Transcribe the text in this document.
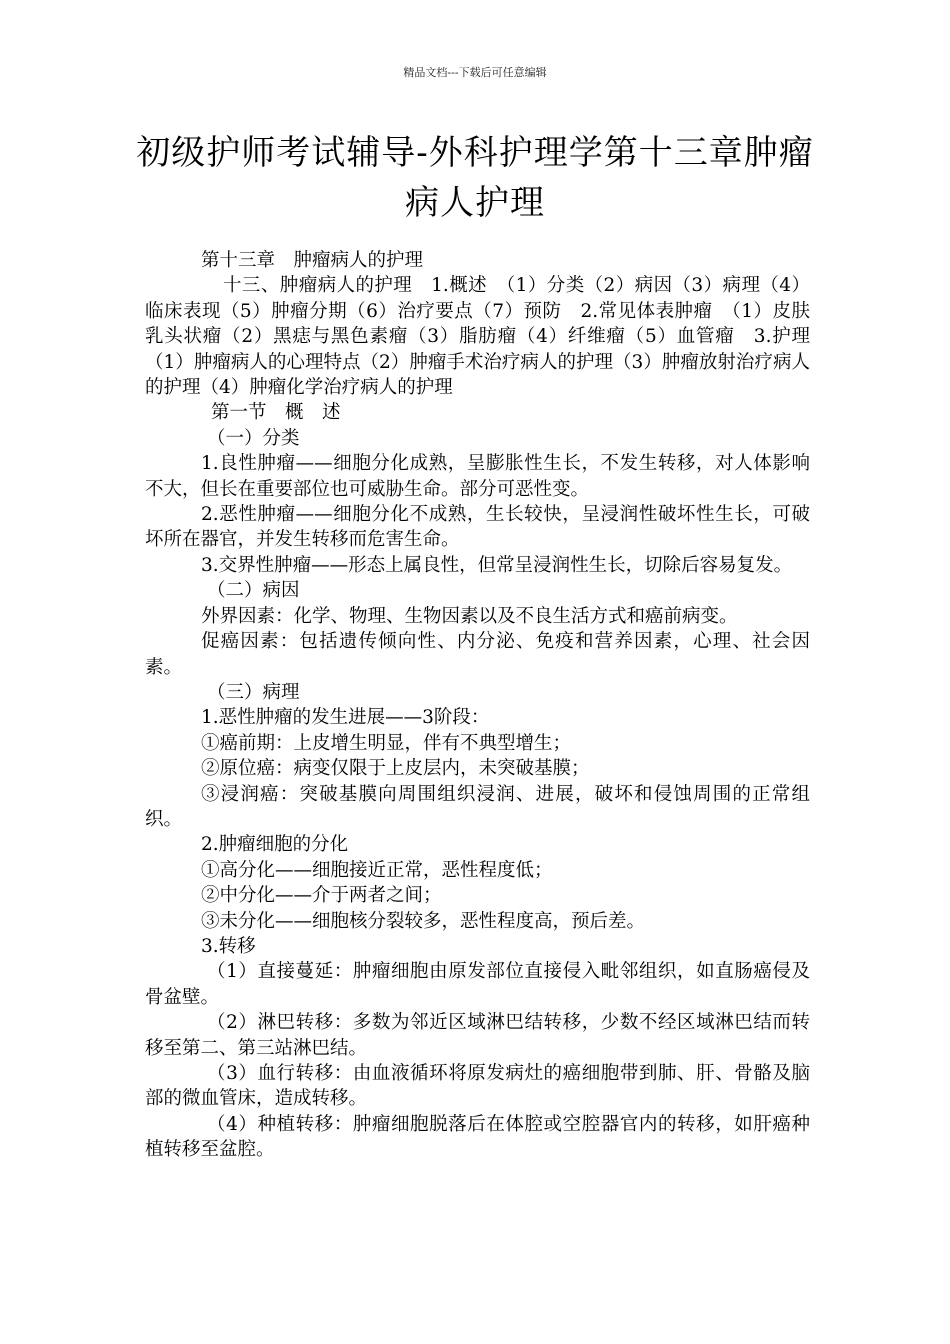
精品文档---下载后可任意编辑
初级护师考试辅导-外科护理学第十三章肿瘤病人护理

第十三章　肿瘤病人的护理

十三、肿瘤病人的护理　1.概述　（1）分类（2）病因（3）病理（4）临床表现（5）肿瘤分期（6）治疗要点（7）预防　2.常见体表肿瘤　（1）皮肤乳头状瘤（2）黑痣与黑色素瘤（3）脂肪瘤（4）纤维瘤（5）血管瘤　3.护理　（1）肿瘤病人的心理特点（2）肿瘤手术治疗病人的护理（3）肿瘤放射治疗病人的护理（4）肿瘤化学治疗病人的护理

第一节　概　述

（一）分类

1.良性肿瘤——细胞分化成熟，呈膨胀性生长，不发生转移，对人体影响不大，但长在重要部位也可威胁生命。部分可恶性变。

2.恶性肿瘤——细胞分化不成熟，生长较快，呈浸润性破坏性生长，可破坏所在器官，并发生转移而危害生命。

3.交界性肿瘤——形态上属良性，但常呈浸润性生长，切除后容易复发。

（二）病因

外界因素：化学、物理、生物因素以及不良生活方式和癌前病变。

促癌因素：包括遗传倾向性、内分泌、免疫和营养因素，心理、社会因素。

（三）病理

1.恶性肿瘤的发生进展——3阶段：

①癌前期：上皮增生明显，伴有不典型增生；

②原位癌：病变仅限于上皮层内，未突破基膜；

③浸润癌：突破基膜向周围组织浸润、进展，破坏和侵蚀周围的正常组织。

2.肿瘤细胞的分化

①高分化——细胞接近正常，恶性程度低；

②中分化——介于两者之间；

③未分化——细胞核分裂较多，恶性程度高，预后差。

3.转移

（1）直接蔓延：肿瘤细胞由原发部位直接侵入毗邻组织，如直肠癌侵及骨盆壁。

（2）淋巴转移：多数为邻近区域淋巴结转移，少数不经区域淋巴结而转移至第二、第三站淋巴结。

（3）血行转移：由血液循环将原发病灶的癌细胞带到肺、肝、骨骼及脑部的微血管床，造成转移。

（4）种植转移：肿瘤细胞脱落后在体腔或空腔器官内的转移，如肝癌种植转移至盆腔。
